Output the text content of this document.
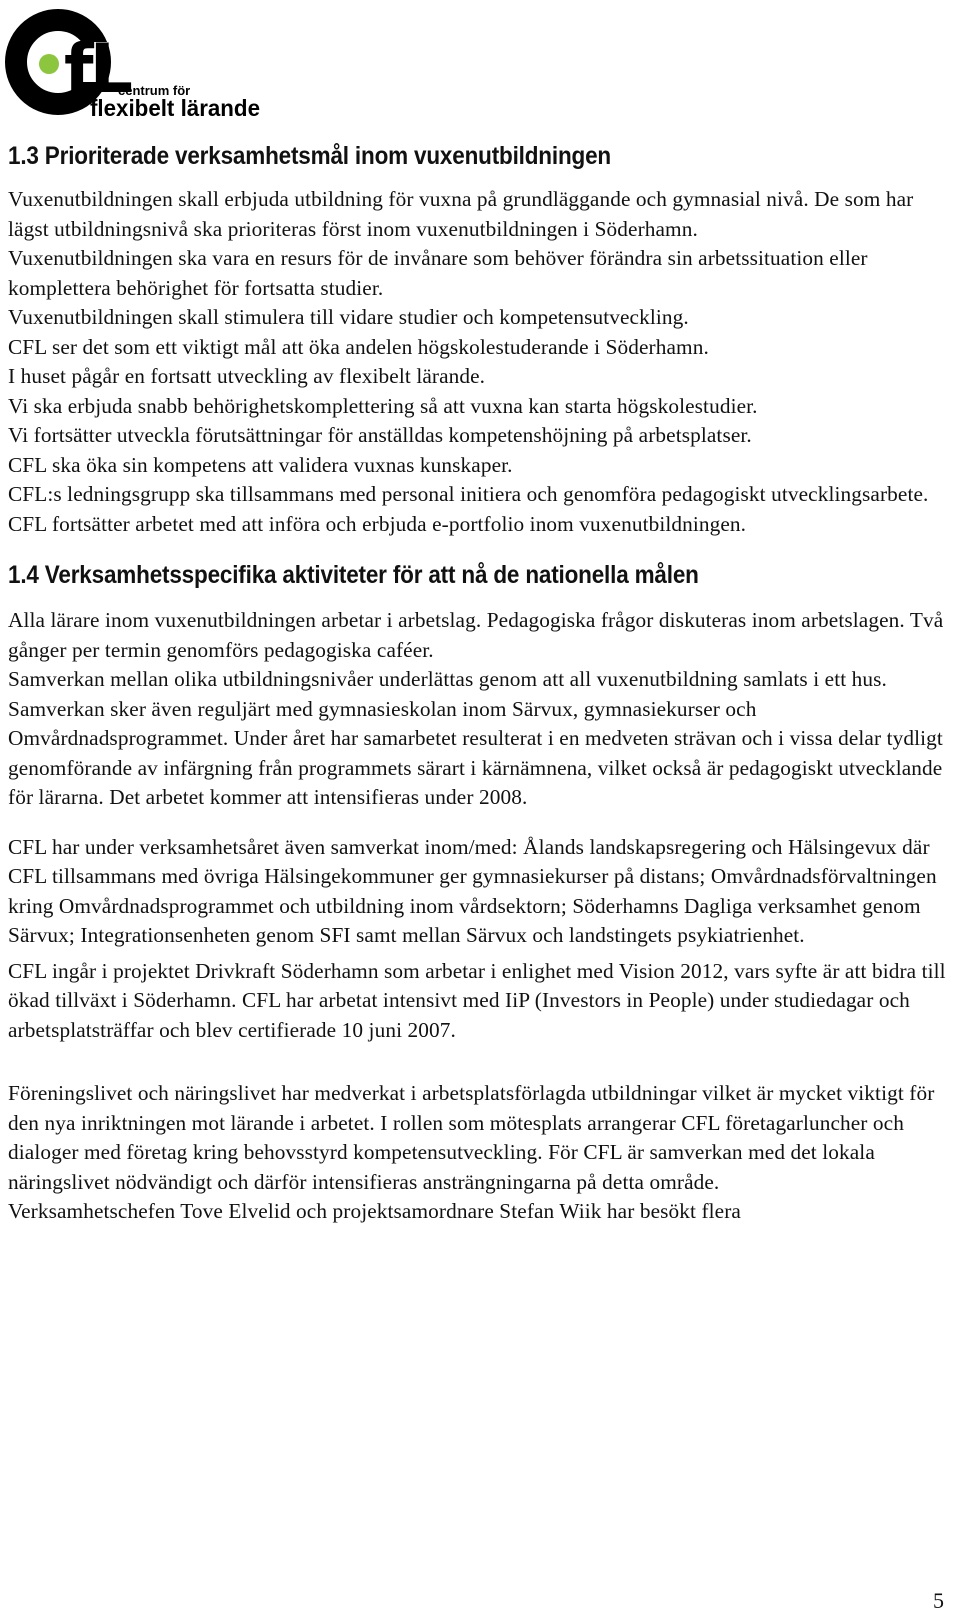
fL
centrum för
flexibelt lärande
1.3 Prioriterade verksamhetsmål inom vuxenutbildningen

Vuxenutbildningen skall erbjuda utbildning för vuxna på grundläggande och gymnasial nivå. De som har lägst utbildningsnivå ska prioriteras först inom vuxenutbildningen i Söderhamn.

Vuxenutbildningen ska vara en resurs för de invånare som behöver förändra sin arbetssituation eller komplettera behörighet för fortsatta studier.

Vuxenutbildningen skall stimulera till vidare studier och kompetensutveckling.

CFL ser det som ett viktigt mål att öka andelen högskolestuderande i Söderhamn.

I huset pågår en fortsatt utveckling av flexibelt lärande.

Vi ska erbjuda snabb behörighetskomplettering så att vuxna kan starta högskolestudier.

Vi fortsätter utveckla förutsättningar för anställdas kompetenshöjning på arbetsplatser.

CFL ska öka sin kompetens att validera vuxnas kunskaper.

CFL:s ledningsgrupp ska tillsammans med personal initiera och genomföra pedagogiskt utvecklingsarbete.

CFL fortsätter arbetet med att införa och erbjuda e-portfolio inom vuxenutbildningen.

1.4 Verksamhetsspecifika aktiviteter för att nå de nationella målen

Alla lärare inom vuxenutbildningen arbetar i arbetslag. Pedagogiska frågor diskuteras inom arbetslagen. Två gånger per termin genomförs pedagogiska caféer.

Samverkan mellan olika utbildningsnivåer underlättas genom att all vuxenutbildning samlats i ett hus. Samverkan sker även reguljärt med gymnasieskolan inom Särvux, gymnasiekurser och Omvårdnadsprogrammet. Under året har samarbetet resulterat i en medveten strävan och i vissa delar tydligt genomförande av infärgning från programmets särart i kärnämnena, vilket också är pedagogiskt utvecklande för lärarna. Det arbetet kommer att intensifieras under 2008.

CFL har under verksamhetsåret även samverkat inom/med: Ålands landskapsregering och Hälsingevux där CFL tillsammans med övriga Hälsingekommuner ger gymnasiekurser på distans; Omvårdnadsförvaltningen kring Omvårdnadsprogrammet och utbildning inom vårdsektorn; Söderhamns Dagliga verksamhet genom Särvux; Integrationsenheten genom SFI samt mellan Särvux och landstingets psykiatrienhet.

CFL ingår i projektet Drivkraft Söderhamn som arbetar i enlighet med Vision 2012, vars syfte är att bidra till ökad tillväxt i Söderhamn. CFL har arbetat intensivt med IiP (Investors in People) under studiedagar och arbetsplatsträffar och blev certifierade 10 juni 2007.

Föreningslivet och näringslivet har medverkat i arbetsplatsförlagda utbildningar vilket är mycket viktigt för den nya inriktningen mot lärande i arbetet. I rollen som mötesplats arrangerar CFL företagarluncher och dialoger med företag kring behovsstyrd kompetensutveckling. För CFL är samverkan med det lokala näringslivet nödvändigt och därför intensifieras ansträngningarna på detta område.

Verksamhetschefen Tove Elvelid och projektsamordnare Stefan Wiik har besökt flera

5
